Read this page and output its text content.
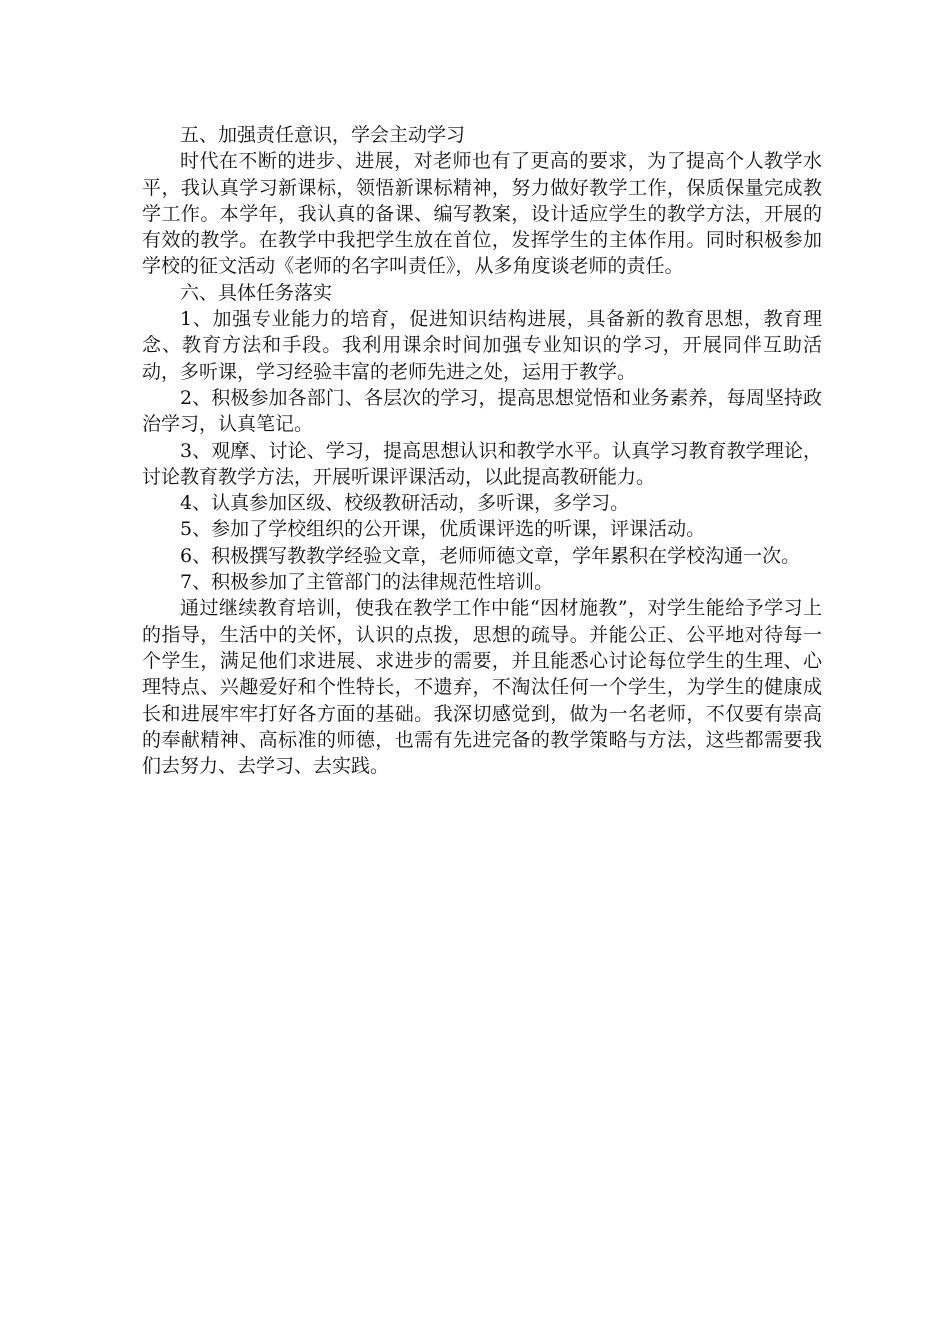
五、加强责任意识，学会主动学习

时代在不断的进步、进展，对老师也有了更高的要求，为了提高个人教学水平，我认真学习新课标，领悟新课标精神，努力做好教学工作，保质保量完成教学工作。本学年，我认真的备课、编写教案，设计适应学生的教学方法，开展的有效的教学。在教学中我把学生放在首位，发挥学生的主体作用。同时积极参加学校的征文活动《老师的名字叫责任》，从多角度谈老师的责任。

六、具体任务落实

1、加强专业能力的培育，促进知识结构进展，具备新的教育思想，教育理念、教育方法和手段。我利用课余时间加强专业知识的学习，开展同伴互助活动，多听课，学习经验丰富的老师先进之处，运用于教学。

2、积极参加各部门、各层次的学习，提高思想觉悟和业务素养，每周坚持政治学习，认真笔记。

3、观摩、讨论、学习，提高思想认识和教学水平。认真学习教育教学理论，讨论教育教学方法，开展听课评课活动，以此提高教研能力。

4、认真参加区级、校级教研活动，多听课，多学习。

5、参加了学校组织的公开课，优质课评选的听课，评课活动。

6、积极撰写教教学经验文章，老师师德文章，学年累积在学校沟通一次。

7、积极参加了主管部门的法律规范性培训。

通过继续教育培训，使我在教学工作中能“因材施教”，对学生能给予学习上的指导，生活中的关怀，认识的点拨，思想的疏导。并能公正、公平地对待每一个学生，满足他们求进展、求进步的需要，并且能悉心讨论每位学生的生理、心理特点、兴趣爱好和个性特长，不遗弃，不淘汰任何一个学生，为学生的健康成长和进展牢牢打好各方面的基础。我深切感觉到，做为一名老师，不仅要有崇高的奉献精神、高标准的师德，也需有先进完备的教学策略与方法，这些都需要我们去努力、去学习、去实践。
